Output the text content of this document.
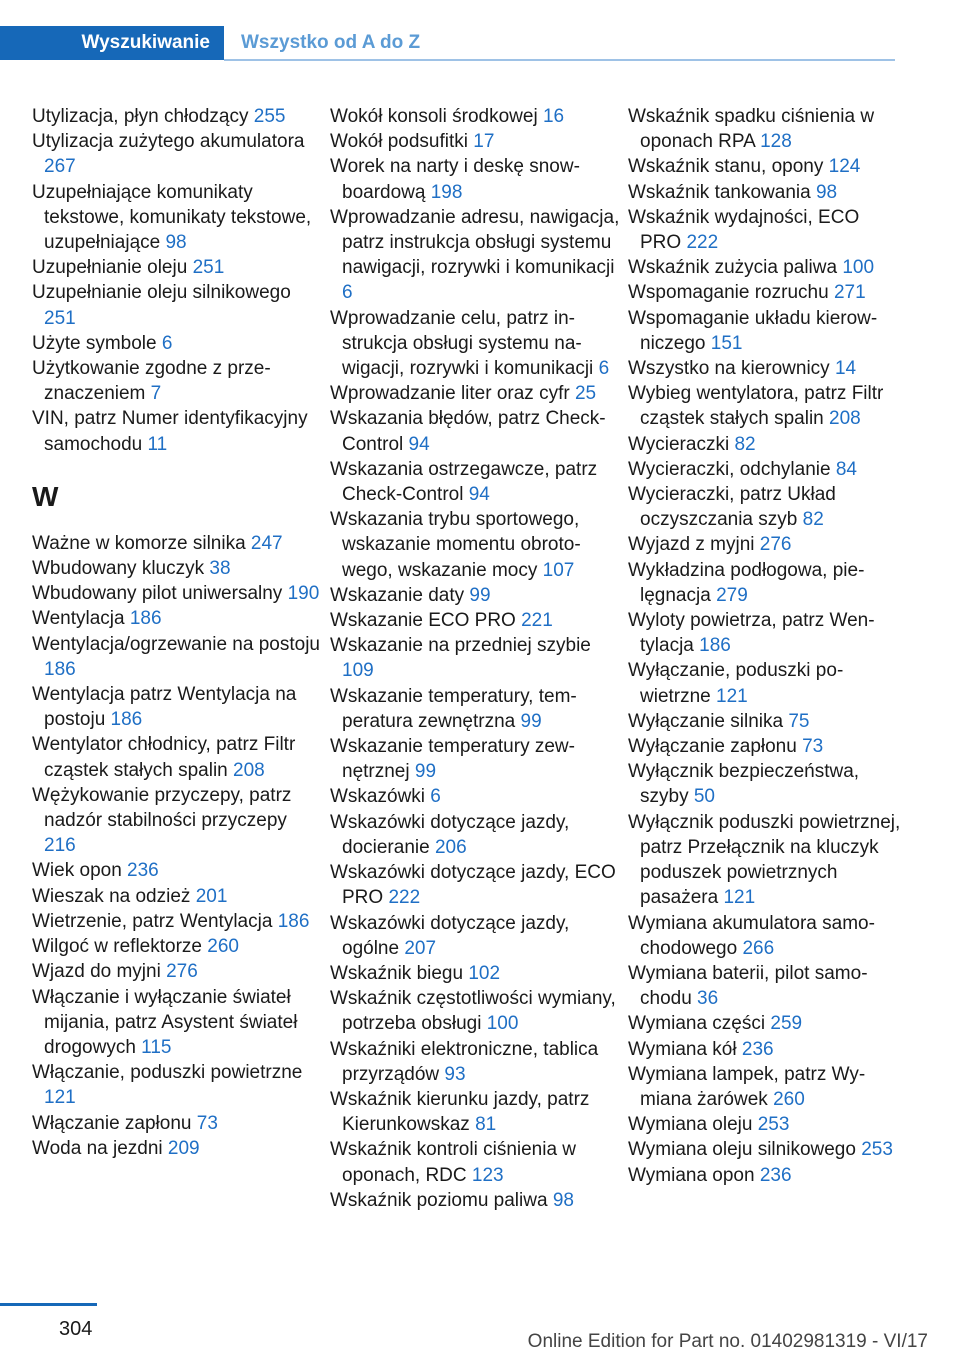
Wyszukiwanie	Wszystko od A do Z
Utylizacja, płyn chłodzący 255
Utylizacja zużytego akumulatora 267
Uzupełniające komunikaty tekstowe, komunikaty tekstowe, uzupełniające 98
Uzupełnianie oleju 251
Uzupełnianie oleju silnikowego 251
Użyte symbole 6
Użytkowanie zgodne z przeznaczeniem 7
VIN, patrz Numer identyfikacyjny samochodu 11
W
Ważne w komorze silnika 247
Wbudowany kluczyk 38
Wbudowany pilot uniwersalny 190
Wentylacja 186
Wentylacja/ogrzewanie na postoju 186
Wentylacja patrz Wentylacja na postoju 186
Wentylator chłodnicy, patrz Filtr cząstek stałych spalin 208
Wężykowanie przyczepy, patrz nadzór stabilności przyczepy 216
Wiek opon 236
Wieszak na odzież 201
Wietrzenie, patrz Wentylacja 186
Wilgoć w reflektorze 260
Wjazd do myjni 276
Włączanie i wyłączanie świateł mijania, patrz Asystent świateł drogowych 115
Włączanie, poduszki powietrzne 121
Włączanie zapłonu 73
Woda na jezdni 209
Wokół konsoli środkowej 16
Wokół podsufitki 17
Worek na narty i deskę snowboardową 198
Wprowadzanie adresu, nawigacja, patrz instrukcja obsługi systemu nawigacji, rozrywki i komunikacji 6
Wprowadzanie celu, patrz instrukcja obsługi systemu nawigacji, rozrywki i komunikacji 6
Wprowadzanie liter oraz cyfr 25
Wskazania błędów, patrz Check-Control 94
Wskazania ostrzegawcze, patrz Check-Control 94
Wskazania trybu sportowego, wskazanie momentu obrotowego, wskazanie mocy 107
Wskazanie daty 99
Wskazanie ECO PRO 221
Wskazanie na przedniej szybie 109
Wskazanie temperatury, temperatura zewnętrzna 99
Wskazanie temperatury zewnętrznej 99
Wskazówki 6
Wskazówki dotyczące jazdy, docieranie 206
Wskazówki dotyczące jazdy, ECO PRO 222
Wskazówki dotyczące jazdy, ogólne 207
Wskaźnik biegu 102
Wskaźnik częstotliwości wymiany, potrzeba obsługi 100
Wskaźniki elektroniczne, tablica przyrządów 93
Wskaźnik kierunku jazdy, patrz Kierunkowskaz 81
Wskaźnik kontroli ciśnienia w oponach, RDC 123
Wskaźnik poziomu paliwa 98
Wskaźnik spadku ciśnienia w oponach RPA 128
Wskaźnik stanu, opony 124
Wskaźnik tankowania 98
Wskaźnik wydajności, ECO PRO 222
Wskaźnik zużycia paliwa 100
Wspomaganie rozruchu 271
Wspomaganie układu kierowniczego 151
Wszystko na kierownicy 14
Wybieg wentylatora, patrz Filtr cząstek stałych spalin 208
Wycieraczki 82
Wycieraczki, odchylanie 84
Wycieraczki, patrz Układ oczyszczania szyb 82
Wyjazd z myjni 276
Wykładzina podłogowa, pielęgnacja 279
Wyloty powietrza, patrz Wentylacja 186
Wyłączanie, poduszki powietrzne 121
Wyłączanie silnika 75
Wyłączanie zapłonu 73
Wyłącznik bezpieczeństwa, szyby 50
Wyłącznik poduszki powietrznej, patrz Przełącznik na kluczyk poduszek powietrznych pasażera 121
Wymiana akumulatora samochodowego 266
Wymiana baterii, pilot samochodu 36
Wymiana części 259
Wymiana kół 236
Wymiana lampek, patrz Wymiana żarówek 260
Wymiana oleju 253
Wymiana oleju silnikowego 253
Wymiana opon 236
304
Online Edition for Part no. 01402981319 - VI/17
